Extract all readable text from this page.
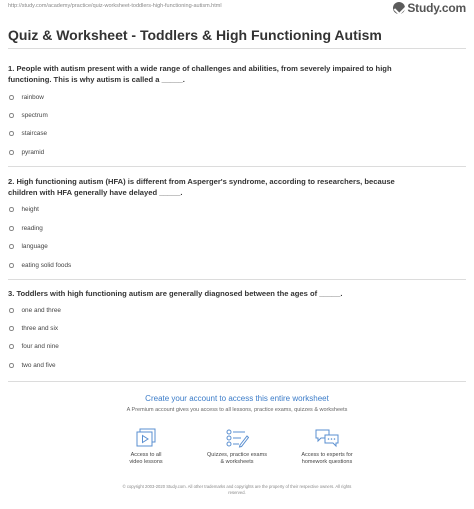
http://study.com/academy/practice/quiz-worksheet-toddlers-high-functioning-autism.html	Study.com
Quiz & Worksheet - Toddlers & High Functioning Autism
1. People with autism present with a wide range of challenges and abilities, from severely impaired to high
functioning. This is why autism is called a _____.
rainbow
spectrum
staircase
pyramid
2. High functioning autism (HFA) is different from Asperger's syndrome, according to researchers, because
children with HFA generally have delayed _____.
height
reading
language
eating solid foods
3. Toddlers with high functioning autism are generally diagnosed between the ages of _____.
one and three
three and six
four and nine
two and five
Create your account to access this entire worksheet
A Premium account gives you access to all lessons, practice exams, quizzes & worksheets
Access to all
video lessons
Quizzes, practice exams
& worksheets
Access to experts for
homework questions
© copyright 2003-2020 Study.com. All other trademarks and copyrights are the property of their respective owners. All rights
reserved.
